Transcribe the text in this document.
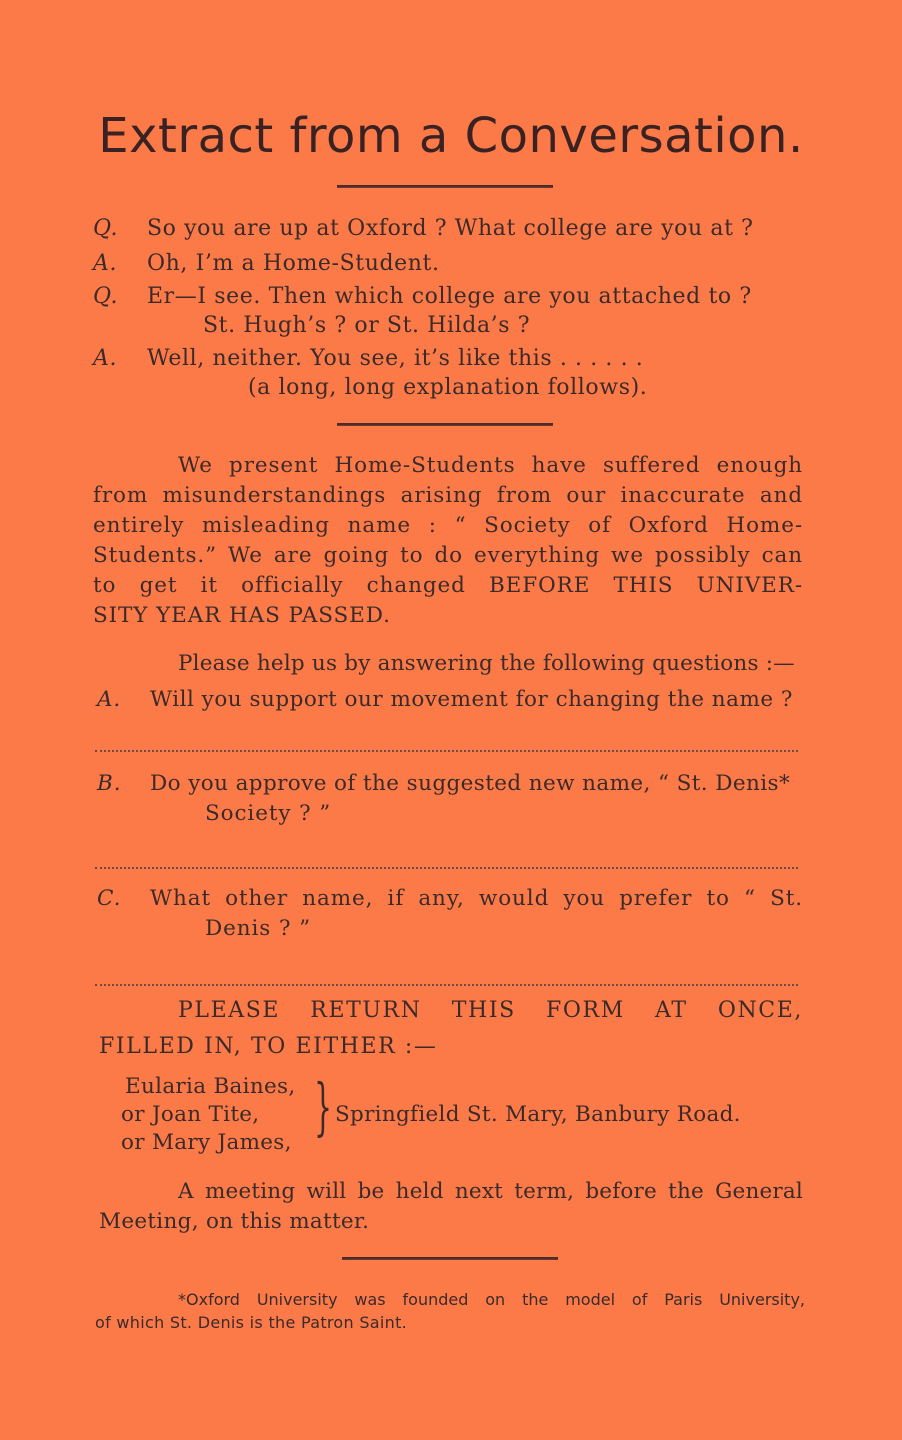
Extract from a Conversation.
Q. So you are up at Oxford ? What college are you at ?
A. Oh, I’m a Home-Student.
Q. Er—I see. Then which college are you attached to ?
St. Hugh’s ? or St. Hilda’s ?
A. Well, neither. You see, it’s like this . . . . . .
(a long, long explanation follows).
We present Home-Students have suffered enough
from misunderstandings arising from our inaccurate and
entirely misleading name : “ Society of Oxford Home-
Students.” We are going to do everything we possibly can
to get it officially changed BEFORE THIS UNIVER-
SITY YEAR HAS PASSED.
Please help us by answering the following questions :—
A. Will you support our movement for changing the name ?
B. Do you approve of the suggested new name, “ St. Denis*
Society ? ”
C. What other name, if any, would you prefer to “ St.
Denis ? ”
PLEASE RETURN THIS FORM AT ONCE,
FILLED IN, TO EITHER :—
Eularia Baines,
or Joan Tite,
or Mary James, } Springfield St. Mary, Banbury Road.
A meeting will be held next term, before the General
Meeting, on this matter.
*Oxford University was founded on the model of Paris University,
of which St. Denis is the Patron Saint.
